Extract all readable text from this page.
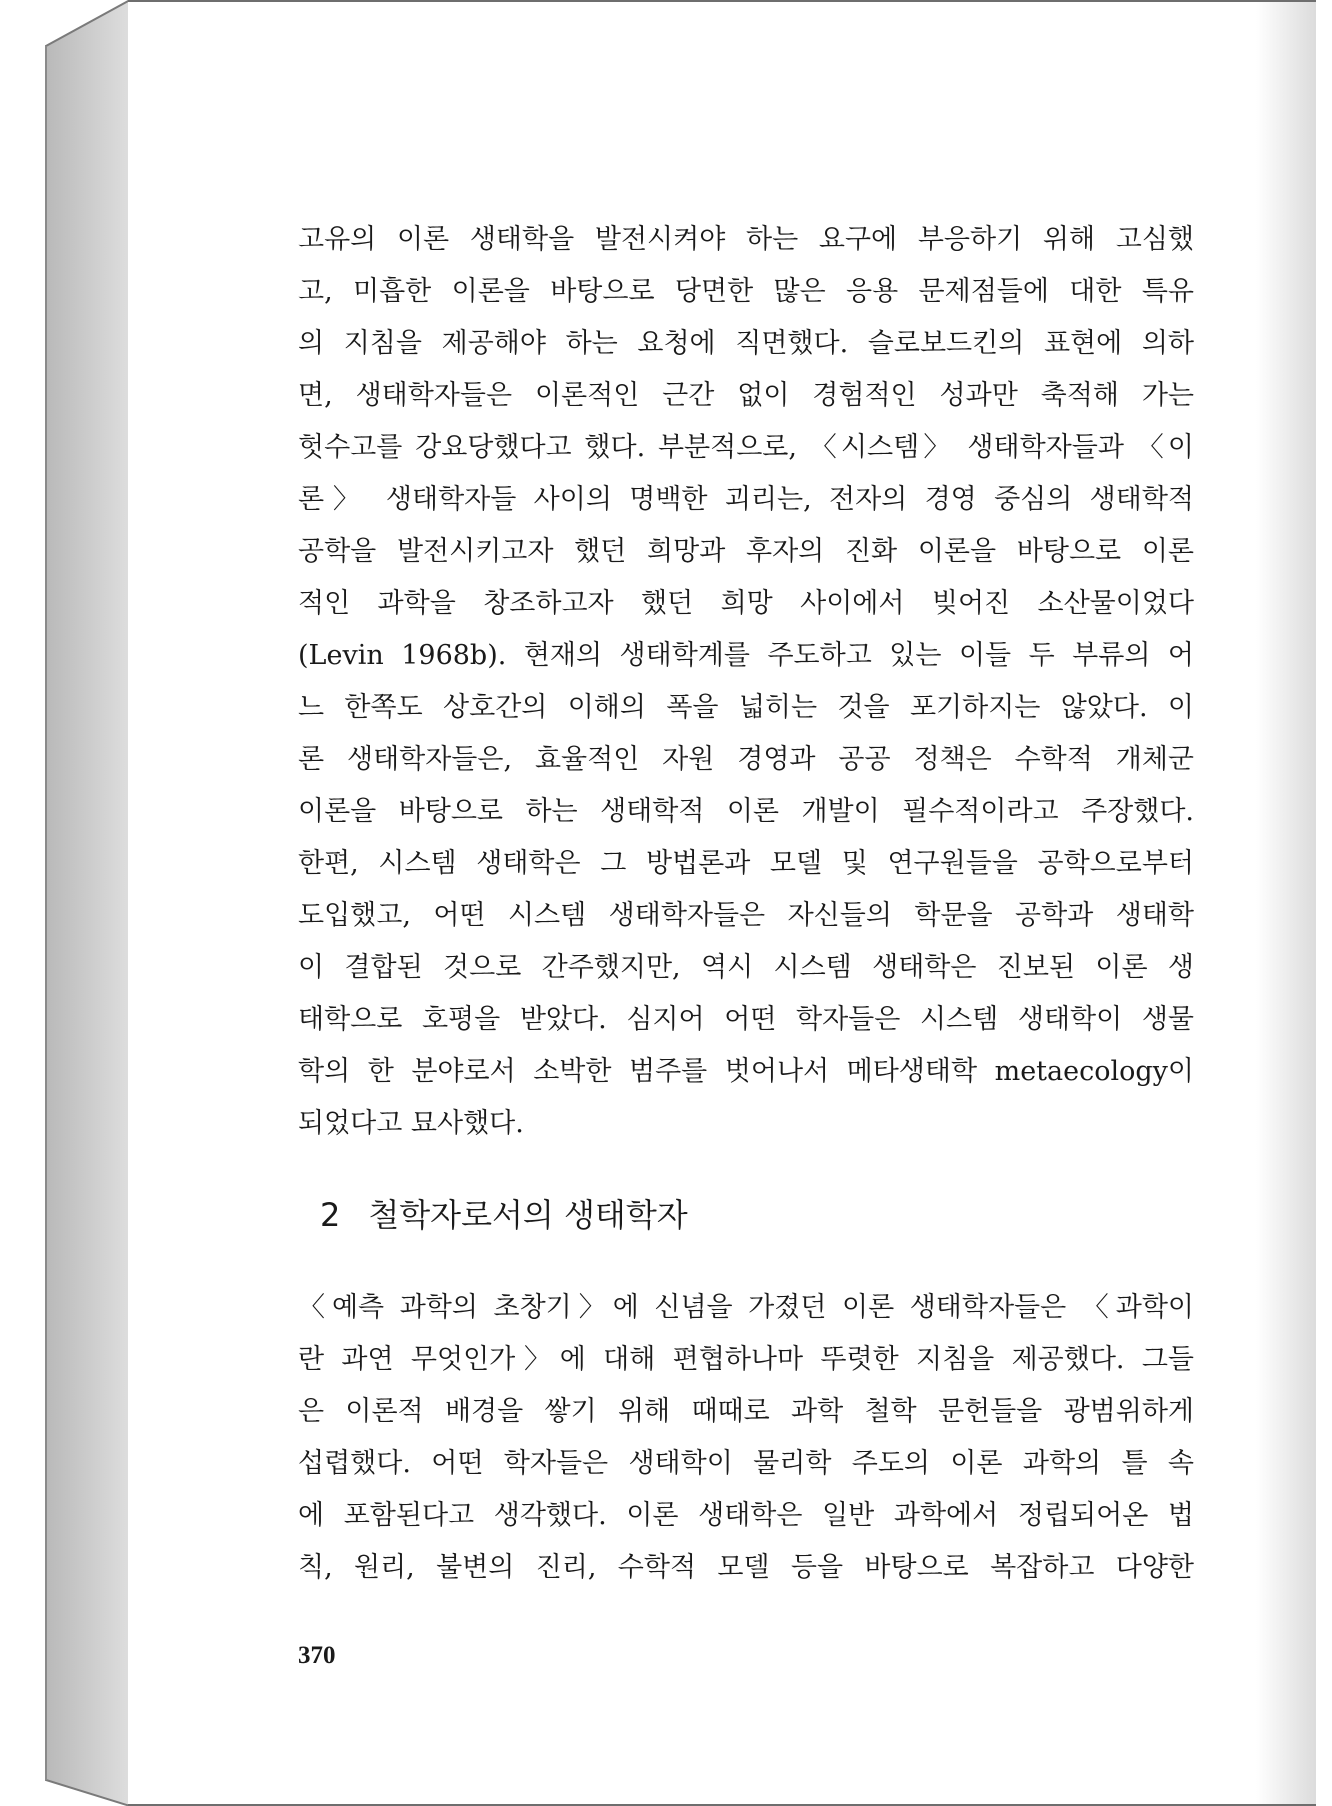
고유의 이론 생태학을 발전시켜야 하는 요구에 부응하기 위해 고심했
고, 미흡한 이론을 바탕으로 당면한 많은 응용 문제점들에 대한 특유
의 지침을 제공해야 하는 요청에 직면했다. 슬로보드킨의 표현에 의하
면, 생태학자들은 이론적인 근간 없이 경험적인 성과만 축적해 가는
헛수고를 강요당했다고 했다. 부분적으로, 〈시스템〉 생태학자들과 〈이
론〉 생태학자들 사이의 명백한 괴리는, 전자의 경영 중심의 생태학적
공학을 발전시키고자 했던 희망과 후자의 진화 이론을 바탕으로 이론
적인 과학을 창조하고자 했던 희망 사이에서 빚어진 소산물이었다
(Levin 1968b). 현재의 생태학계를 주도하고 있는 이들 두 부류의 어
느 한쪽도 상호간의 이해의 폭을 넓히는 것을 포기하지는 않았다. 이
론 생태학자들은, 효율적인 자원 경영과 공공 정책은 수학적 개체군
이론을 바탕으로 하는 생태학적 이론 개발이 필수적이라고 주장했다.
한편, 시스템 생태학은 그 방법론과 모델 및 연구원들을 공학으로부터
도입했고, 어떤 시스템 생태학자들은 자신들의 학문을 공학과 생태학
이 결합된 것으로 간주했지만, 역시 시스템 생태학은 진보된 이론 생
태학으로 호평을 받았다. 심지어 어떤 학자들은 시스템 생태학이 생물
학의 한 분야로서 소박한 범주를 벗어나서 메타생태학 metaecology이
되었다고 묘사했다.
2 철학자로서의 생태학자
〈예측 과학의 초창기〉에 신념을 가졌던 이론 생태학자들은 〈과학이
란 과연 무엇인가〉에 대해 편협하나마 뚜렷한 지침을 제공했다. 그들
은 이론적 배경을 쌓기 위해 때때로 과학 철학 문헌들을 광범위하게
섭렵했다. 어떤 학자들은 생태학이 물리학 주도의 이론 과학의 틀 속
에 포함된다고 생각했다. 이론 생태학은 일반 과학에서 정립되어온 법
칙, 원리, 불변의 진리, 수학적 모델 등을 바탕으로 복잡하고 다양한
370
